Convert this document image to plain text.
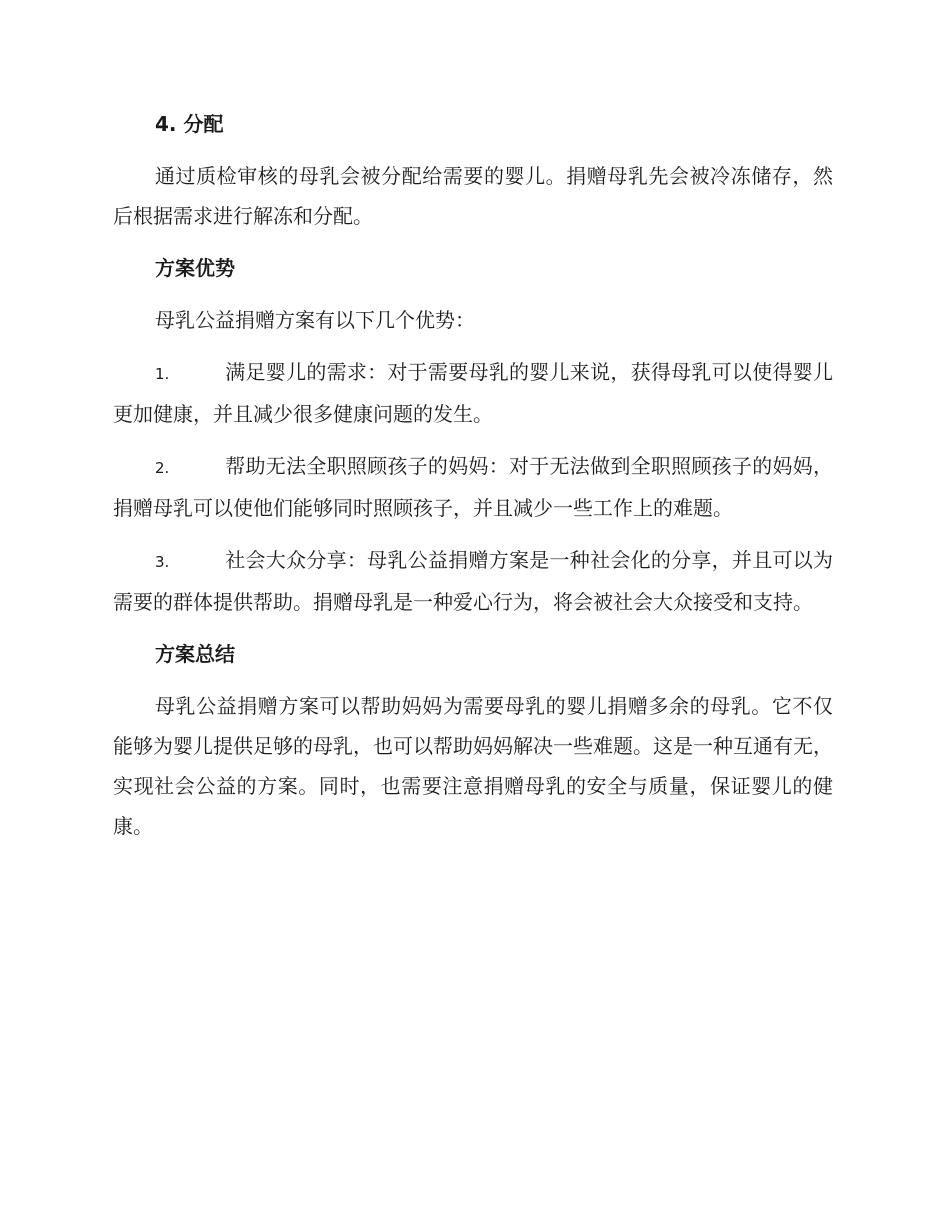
4. 分配

通过质检审核的母乳会被分配给需要的婴儿。捐赠母乳先会被冷冻储存，然后根据需求进行解冻和分配。

方案优势

母乳公益捐赠方案有以下几个优势：

1.	满足婴儿的需求：对于需要母乳的婴儿来说，获得母乳可以使得婴儿更加健康，并且减少很多健康问题的发生。

2.	帮助无法全职照顾孩子的妈妈：对于无法做到全职照顾孩子的妈妈，捐赠母乳可以使他们能够同时照顾孩子，并且减少一些工作上的难题。

3.	社会大众分享：母乳公益捐赠方案是一种社会化的分享，并且可以为需要的群体提供帮助。捐赠母乳是一种爱心行为，将会被社会大众接受和支持。

方案总结

母乳公益捐赠方案可以帮助妈妈为需要母乳的婴儿捐赠多余的母乳。它不仅能够为婴儿提供足够的母乳，也可以帮助妈妈解决一些难题。这是一种互通有无，实现社会公益的方案。同时，也需要注意捐赠母乳的安全与质量，保证婴儿的健康。
